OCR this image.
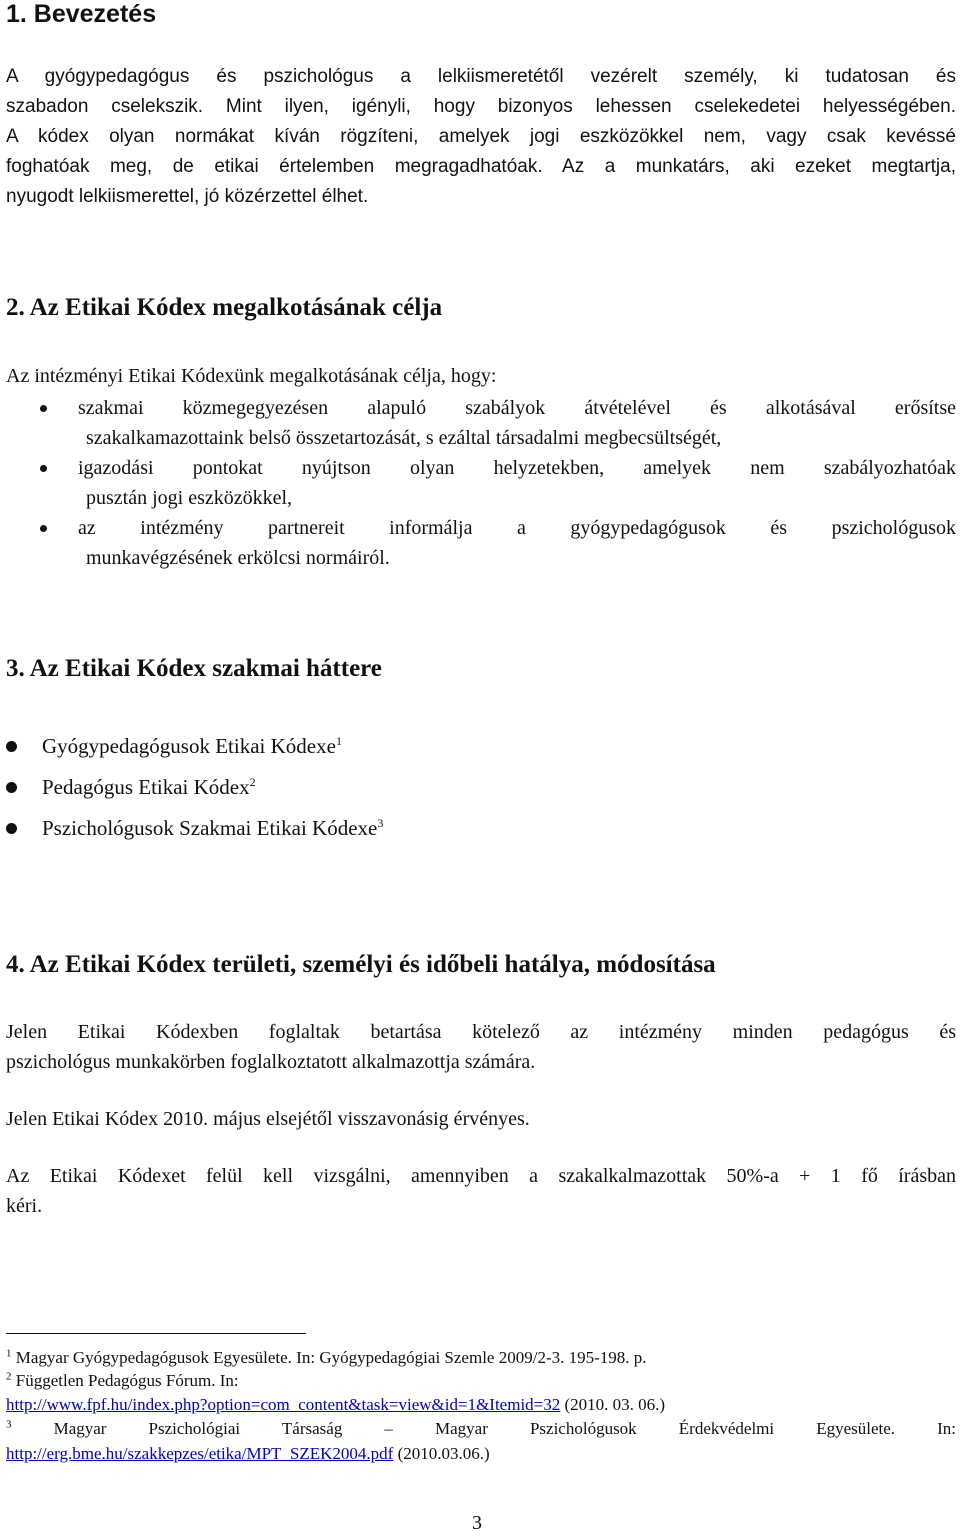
1. Bevezetés
A gyógypedagógus és pszichológus a lelkiismeretétől vezérelt személy, ki tudatosan és
szabadon cselekszik. Mint ilyen, igényli, hogy bizonyos lehessen cselekedetei helyességében.
A kódex olyan normákat kíván rögzíteni, amelyek jogi eszközökkel nem, vagy csak kevéssé
foghatóak meg, de etikai értelemben megragadhatóak. Az a munkatárs, aki ezeket megtartja,
nyugodt lelkiismerettel, jó közérzettel élhet.
2. Az Etikai Kódex megalkotásának célja

Az intézményi Etikai Kódexünk megalkotásának célja, hogy:

szakmai közmegegyezésen alapuló szabályok átvételével és alkotásával erősítse
szakalkamazottaink belső összetartozását, s ezáltal társadalmi megbecsültségét,
igazodási pontokat nyújtson olyan helyzetekben, amelyek nem szabályozhatóak
pusztán jogi eszközökkel,
az intézmény partnereit informálja a gyógypedagógusok és pszichológusok
munkavégzésének erkölcsi normáiról.
3. Az Etikai Kódex szakmai háttere
Gyógypedagógusok Etikai Kódexe$^1$
Pedagógus Etikai Kódex$^2$
Pszichológusok Szakmai Etikai Kódexe$^3$
4. Az Etikai Kódex területi, személyi és időbeli hatálya, módosítása
Jelen Etikai Kódexben foglaltak betartása kötelező az intézmény minden pedagógus és
pszichológus munkakörben foglalkoztatott alkalmazottja számára.

Jelen Etikai Kódex 2010. május elsejétől visszavonásig érvényes.

Az Etikai Kódexet felül kell vizsgálni, amennyiben a szakalkalmazottak 50%-a + 1 fő írásban
kéri.

$^1$ Magyar Gyógypedagógusok Egyesülete. In: Gyógypedagógiai Szemle 2009/2-3. 195-198. p.

$^2$ Független Pedagógus Fórum. In:

http://www.fpf.hu/index.php?option=com_content&task=view&id=1&Itemid=32 (2010. 03. 06.)

$^3$ Magyar Pszichológiai Társaság – Magyar Pszichológusok Érdekvédelmi Egyesülete. In:

http://erg.bme.hu/szakkepzes/etika/MPT_SZEK2004.pdf (2010.03.06.)

3
